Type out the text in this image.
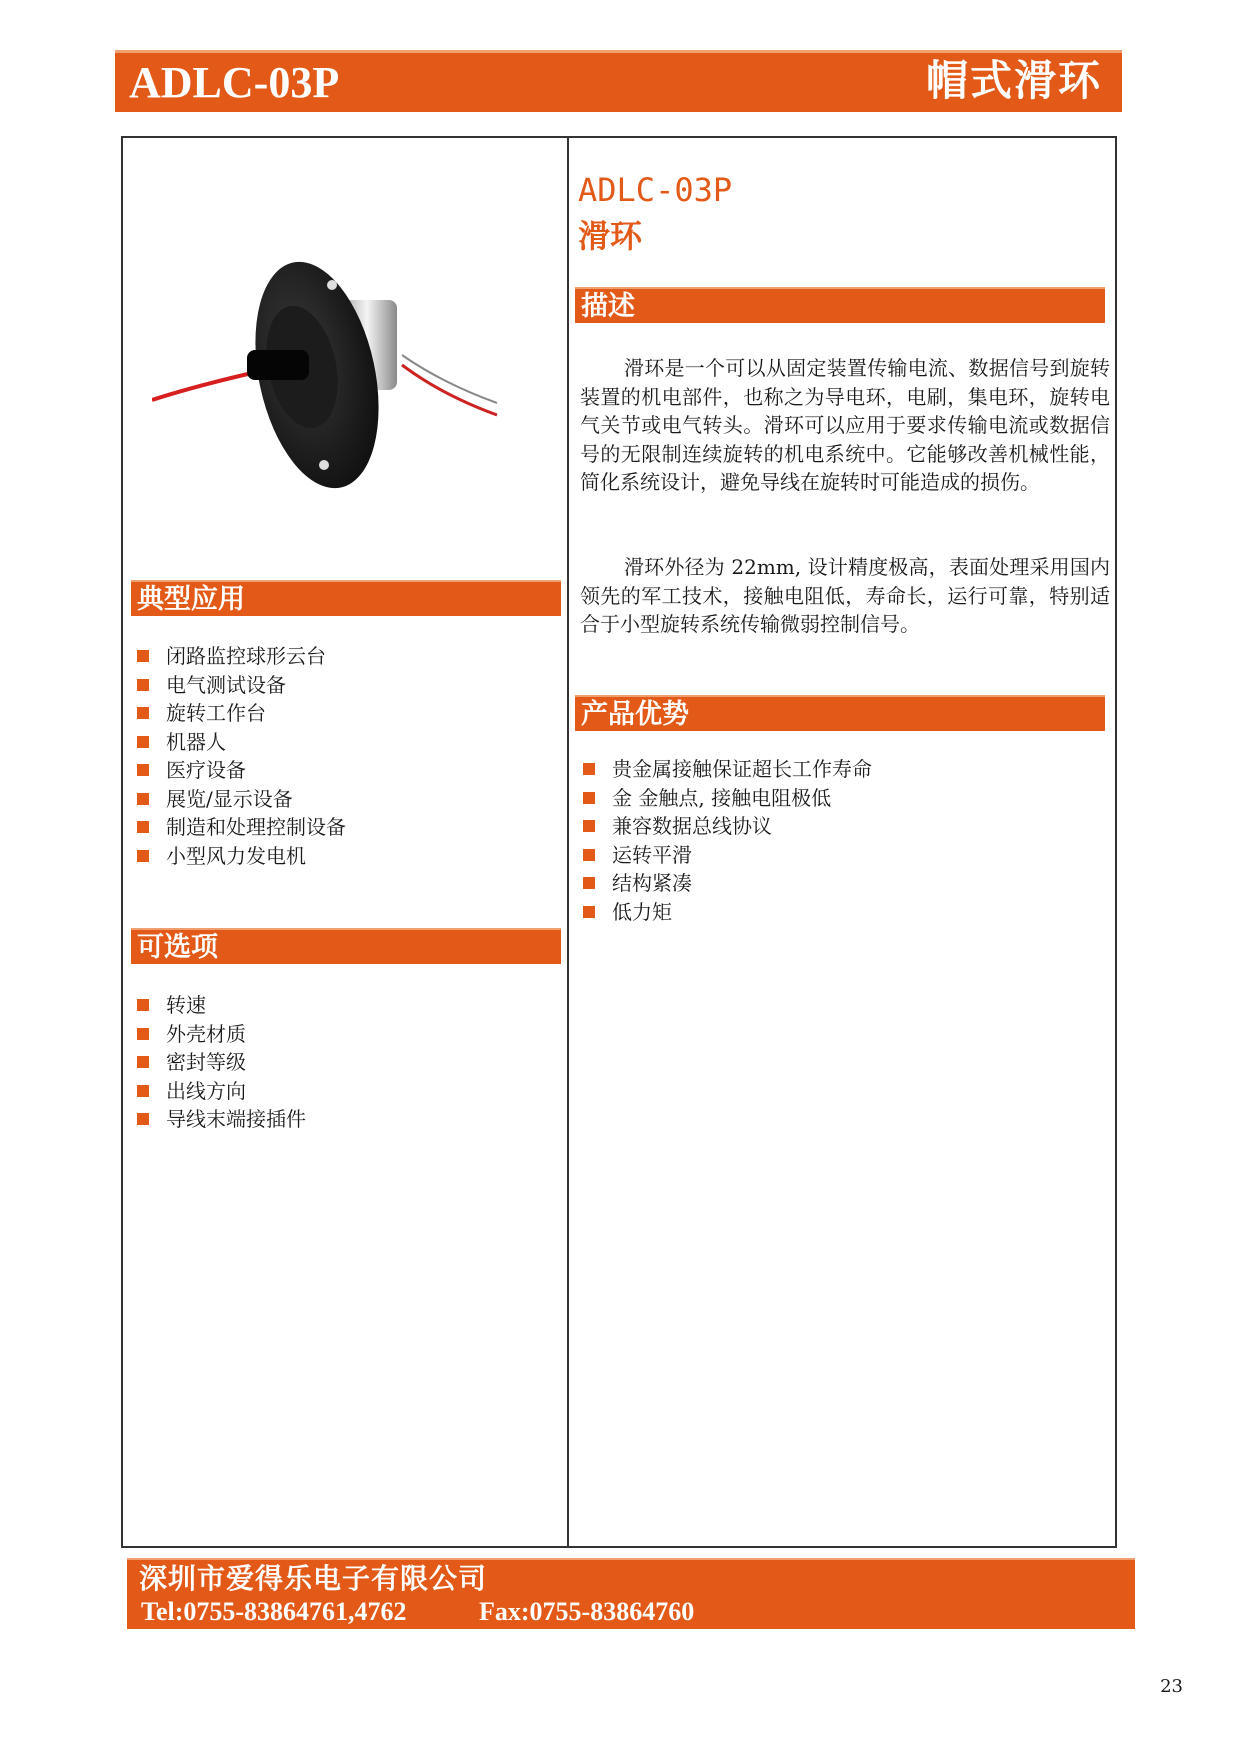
ADLC-03P	帽式滑环
典型应用
闭路监控球形云台
电气测试设备
旋转工作台
机器人
医疗设备
展览/显示设备
制造和处理控制设备
小型风力发电机
可选项
转速
外壳材质
密封等级
出线方向
导线末端接插件
ADLC-03P
滑环
描述

滑环是一个可以从固定装置传输电流、数据信号到旋转装置的机电部件，也称之为导电环，电刷，集电环，旋转电气关节或电气转头。滑环可以应用于要求传输电流或数据信号的无限制连续旋转的机电系统中。它能够改善机械性能，简化系统设计，避免导线在旋转时可能造成的损伤。

滑环外径为 22mm, 设计精度极高，表面处理采用国内领先的军工技术，接触电阻低，寿命长，运行可靠，特别适合于小型旋转系统传输微弱控制信号。

产品优势
贵金属接触保证超长工作寿命
金 金触点, 接触电阻极低
兼容数据总线协议
运转平滑
结构紧凑
低力矩
深圳市爱得乐电子有限公司
Tel:0755-83864761,4762	Fax:0755-83864760
23
